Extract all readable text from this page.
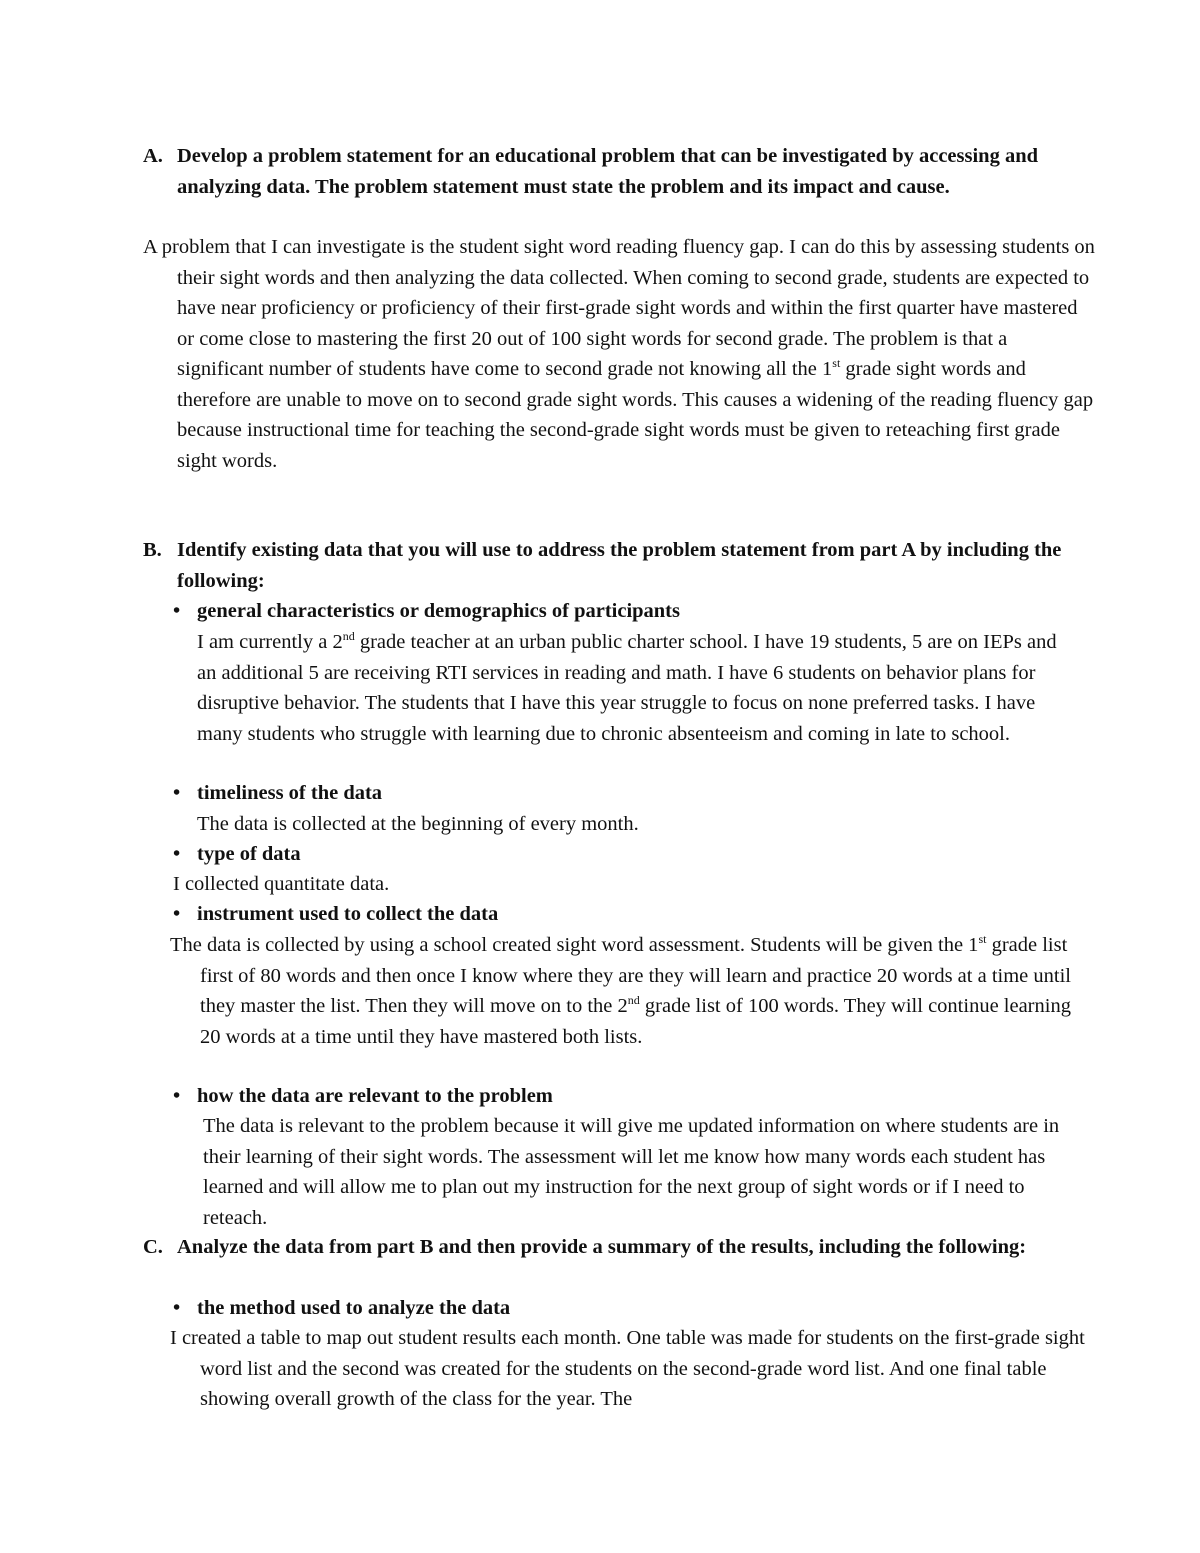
A. Develop a problem statement for an educational problem that can be investigated by accessing and analyzing data. The problem statement must state the problem and its impact and cause.
A problem that I can investigate is the student sight word reading fluency gap. I can do this by assessing students on their sight words and then analyzing the data collected. When coming to second grade, students are expected to have near proficiency or proficiency of their first-grade sight words and within the first quarter have mastered or come close to mastering the first 20 out of 100 sight words for second grade. The problem is that a significant number of students have come to second grade not knowing all the 1st grade sight words and therefore are unable to move on to second grade sight words. This causes a widening of the reading fluency gap because instructional time for teaching the second-grade sight words must be given to reteaching first grade sight words.
B. Identify existing data that you will use to address the problem statement from part A by including the following:
• general characteristics or demographics of participants
I am currently a 2nd grade teacher at an urban public charter school. I have 19 students, 5 are on IEPs and an additional 5 are receiving RTI services in reading and math. I have 6 students on behavior plans for disruptive behavior. The students that I have this year struggle to focus on none preferred tasks. I have many students who struggle with learning due to chronic absenteeism and coming in late to school.
• timeliness of the data
The data is collected at the beginning of every month.
• type of data
I collected quantitate data.
• instrument used to collect the data
The data is collected by using a school created sight word assessment. Students will be given the 1st grade list first of 80 words and then once I know where they are they will learn and practice 20 words at a time until they master the list. Then they will move on to the 2nd grade list of 100 words. They will continue learning 20 words at a time until they have mastered both lists.
• how the data are relevant to the problem
The data is relevant to the problem because it will give me updated information on where students are in their learning of their sight words. The assessment will let me know how many words each student has learned and will allow me to plan out my instruction for the next group of sight words or if I need to reteach.
C. Analyze the data from part B and then provide a summary of the results, including the following:
• the method used to analyze the data
I created a table to map out student results each month. One table was made for students on the first-grade sight word list and the second was created for the students on the second-grade word list. And one final table showing overall growth of the class for the year. The
